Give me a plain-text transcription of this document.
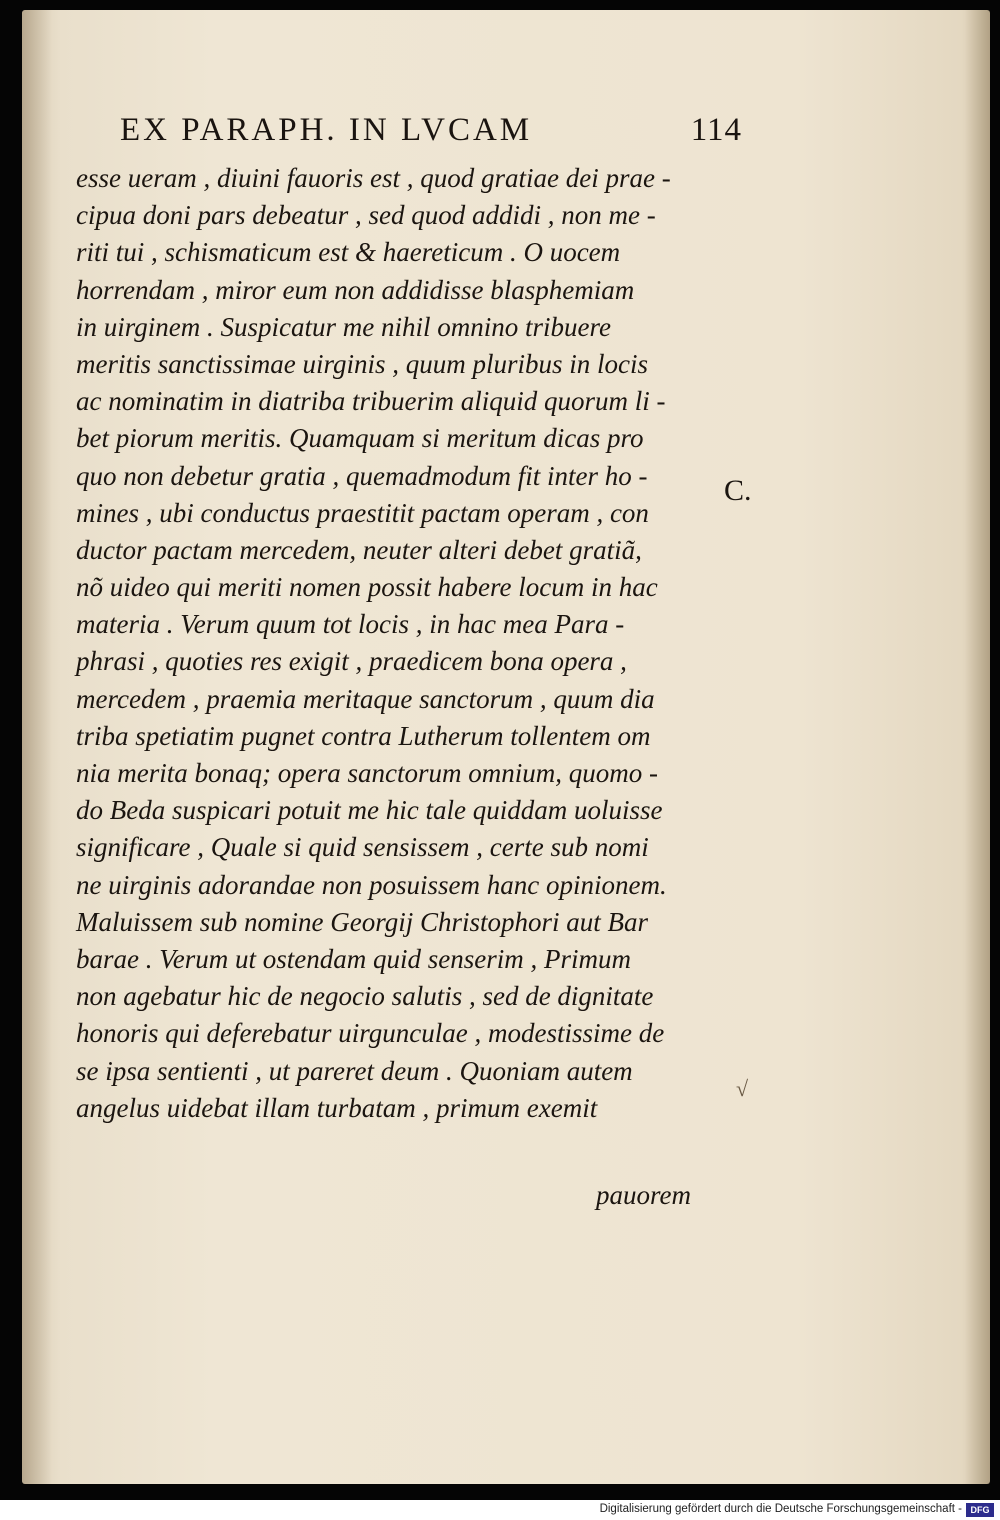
EX PARAPH. IN LVCAM	114
esse ueram , diuini fauoris est , quod gratiae dei prae -
cipua doni pars debeatur , sed quod addidi , non me -
riti tui , schismaticum est & haereticum . O uocem
horrendam , miror eum non addidisse blasphemiam
in uirginem . Suspicatur me nihil omnino tribuere
meritis sanctissimae uirginis , quum pluribus in locis
ac nominatim in diatriba tribuerim aliquid quorum li -
bet piorum meritis. Quamquam si meritum dicas pro
quo non debetur gratia , quemadmodum fit inter ho -
mines , ubi conductus praestitit pactam operam , con
ductor pactam mercedem, neuter alteri debet gratiã,
nõ uideo qui meriti nomen possit habere locum in hac
materia . Verum quum tot locis , in hac mea Para -
phrasi , quoties res exigit , praedicem bona opera ,
mercedem , praemia meritaque sanctorum , quum dia
triba spetiatim pugnet contra Lutherum tollentem om
nia merita bonaq; opera sanctorum omnium, quomo -
do Beda suspicari potuit me hic tale quiddam uoluisse
significare , Quale si quid sensissem , certe sub nomi
ne uirginis adorandae non posuissem hanc opinionem.
Maluissem sub nomine Georgij Christophori aut Bar
barae . Verum ut ostendam quid senserim , Primum
non agebatur hic de negocio salutis , sed de dignitate
honoris qui deferebatur uirgunculae , modestissime de
se ipsa sentienti , ut pareret deum . Quoniam autem
angelus uidebat illam turbatam , primum exemit
C.
√
pauorem
Digitalisierung gefördert durch die Deutsche Forschungsgemeinschaft - DFG
